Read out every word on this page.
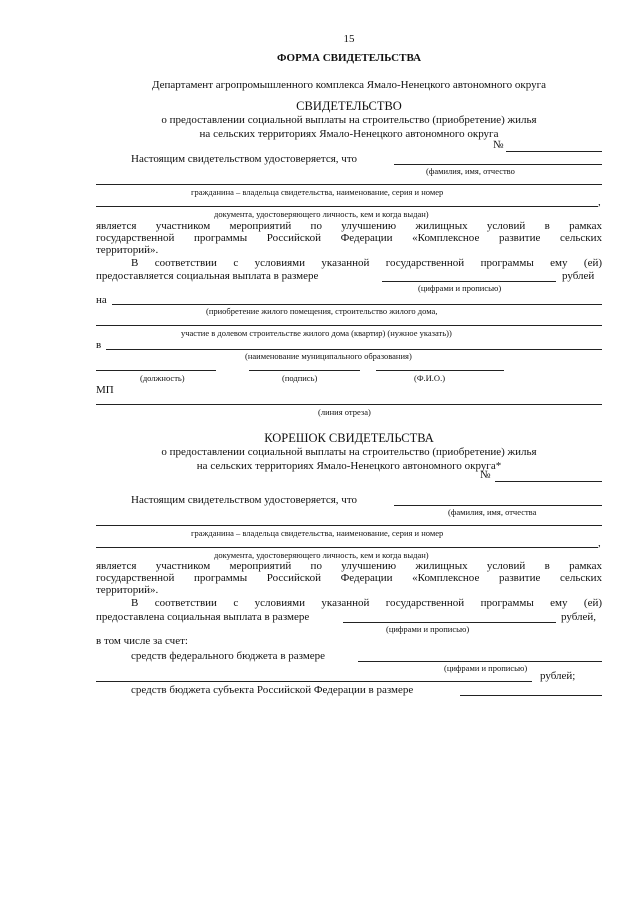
15
ФОРМА СВИДЕТЕЛЬСТВА
Департамент агропромышленного комплекса Ямало-Ненецкого автономного округа
СВИДЕТЕЛЬСТВО
о предоставлении социальной выплаты на строительство (приобретение) жилья
на сельских территориях Ямало-Ненецкого автономного округа
№
Настоящим свидетельством удостоверяется, что
(фамилия, имя, отчество
гражданина – владельца свидетельства, наименование, серия и номер
,
документа, удостоверяющего личность, кем и когда выдан)
является участником мероприятий по улучшению жилищных условий в рамках
государственной программы Российской Федерации «Комплексное развитие сельских
территорий».
В соответствии с условиями указанной государственной программы ему (ей)
предоставляется социальная выплата в размере	рублей
(цифрами и прописью)
на
(приобретение жилого помещения, строительство жилого дома,
участие в долевом строительстве жилого дома (квартир) (нужное указать))
в
(наименование муниципального образования)
(должность)	(подпись)	(Ф.И.О.)
МП
(линия отреза)
КОРЕШОК СВИДЕТЕЛЬСТВА
о предоставлении социальной выплаты на строительство (приобретение) жилья
на сельских территориях Ямало-Ненецкого автономного округа*
№
Настоящим свидетельством удостоверяется, что
(фамилия, имя, отчества
гражданина – владельца свидетельства, наименование, серия и номер
,
документа, удостоверяющего личность, кем и когда выдан)
является участником мероприятий по улучшению жилищных условий в рамках
государственной программы Российской Федерации «Комплексное развитие сельских
территорий».
В соответствии с условиями указанной государственной программы ему (ей)
предоставлена социальная выплата в размере	рублей,
(цифрами и прописью)
в том числе за счет:
средств федерального бюджета в размере
(цифрами и прописью)
рублей;
средств бюджета субъекта Российской Федерации в размере
